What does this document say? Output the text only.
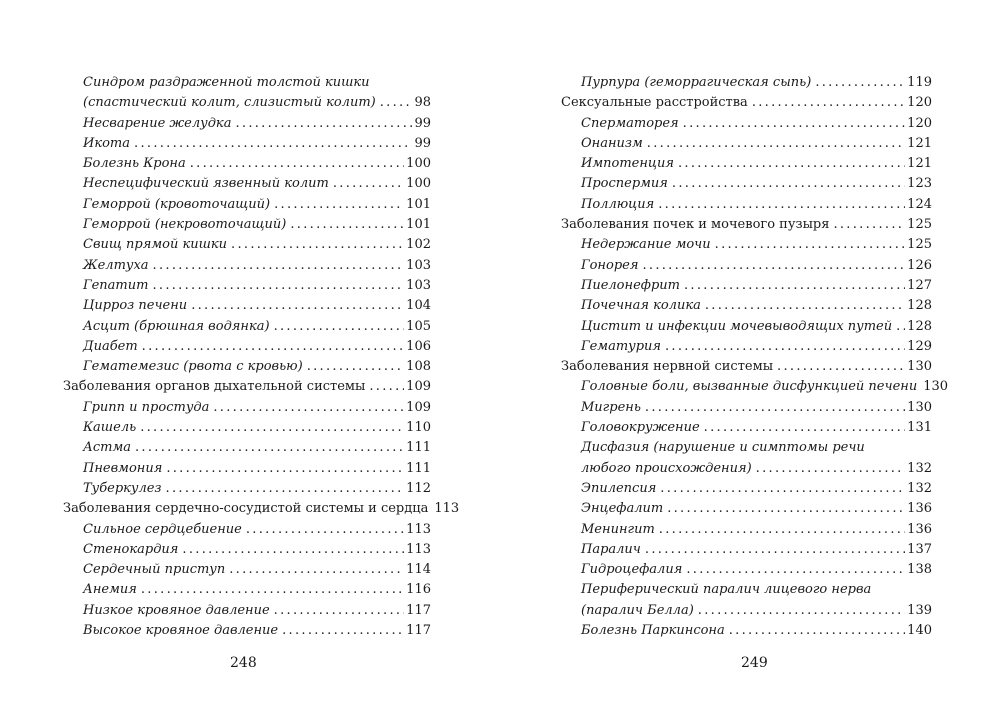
Синдром раздраженной толстой кишки
(спастический колит, слизистый колит) .....	98
Несварение желудка .....	99
Икота .....	99
Болезнь Крона .....	100
Неспецифический язвенный колит .....	100
Геморрой (кровоточащий) .....	101
Геморрой (некровоточащий) .....	101
Свищ прямой кишки .....	102
Желтуха .....	103
Гепатит .....	103
Цирроз печени .....	104
Асцит (брюшная водянка) .....	105
Диабет .....	106
Гематемезис (рвота с кровью) .....	108
Заболевания органов дыхательной системы .....	109
Грипп и простуда .....	109
Кашель .....	110
Астма .....	111
Пневмония .....	111
Туберкулез .....	112
Заболевания сердечно-сосудистой системы и сердца 113
Сильное сердцебиение .....	113
Стенокардия .....	113
Сердечный приступ .....	114
Анемия .....	116
Низкое кровяное давление .....	117
Высокое кровяное давление .....	117
Пурпура (геморрагическая сыпь) .....	119
Сексуальные расстройства .....	120
Сперматорея .....	120
Онанизм .....	121
Импотенция .....	121
Проспермия .....	123
Поллюция .....	124
Заболевания почек и мочевого пузыря .....	125
Недержание мочи .....	125
Гонорея .....	126
Пиелонефрит .....	127
Почечная колика .....	128
Цистит и инфекции мочевыводящих путей ..... 128
Гематурия .....	129
Заболевания нервной системы .....	130
Головные боли, вызванные дисфункцией печени 130
Мигрень .....	130
Головокружение .....	131
Дисфазия (нарушение и симптомы речи
любого происхождения) .....	132
Эпилепсия .....	132
Энцефалит .....	136
Менингит .....	136
Паралич .....	137
Гидроцефалия .....	138
Периферический паралич лицевого нерва
(паралич Белла) .....	139
Болезнь Паркинсона .....	140
248	249
